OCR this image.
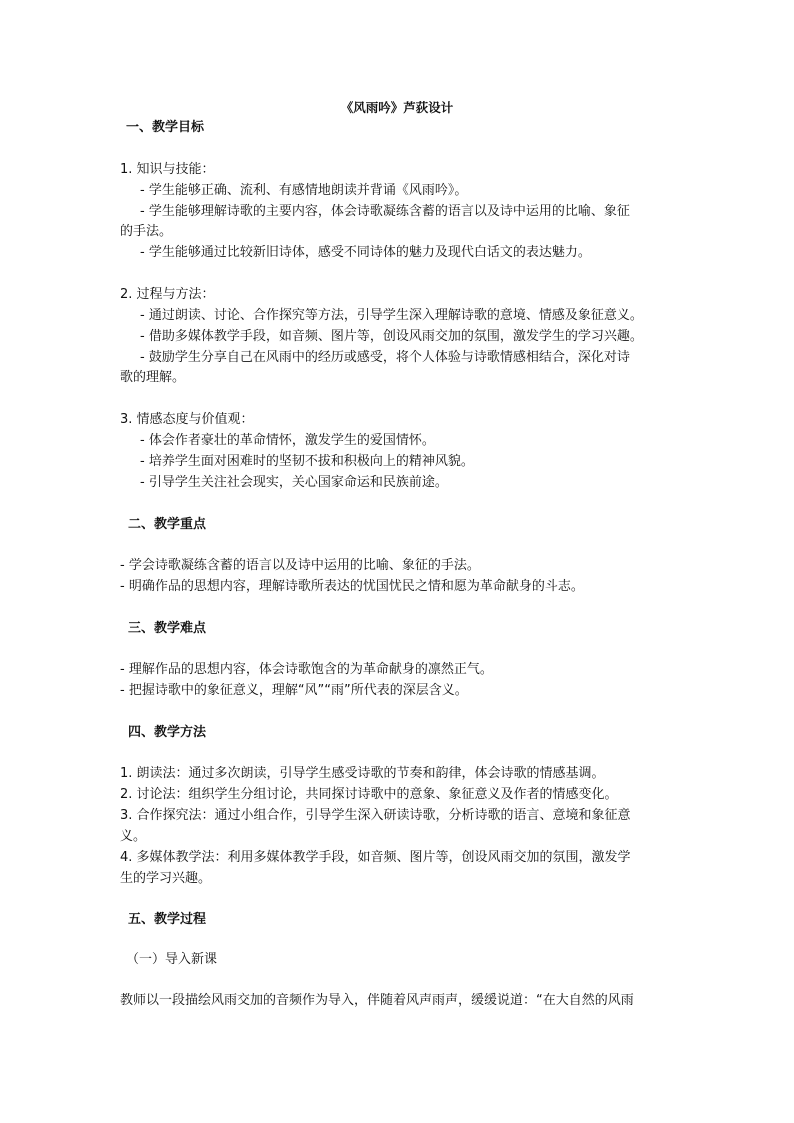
《风雨吟》芦荻设计
一、教学目标
1. 知识与技能：
- 学生能够正确、流利、有感情地朗读并背诵《风雨吟》。
- 学生能够理解诗歌的主要内容，体会诗歌凝练含蓄的语言以及诗中运用的比喻、象征
的手法。
- 学生能够通过比较新旧诗体，感受不同诗体的魅力及现代白话文的表达魅力。
2. 过程与方法：
- 通过朗读、讨论、合作探究等方法，引导学生深入理解诗歌的意境、情感及象征意义。
- 借助多媒体教学手段，如音频、图片等，创设风雨交加的氛围，激发学生的学习兴趣。
- 鼓励学生分享自己在风雨中的经历或感受，将个人体验与诗歌情感相结合，深化对诗
歌的理解。
3. 情感态度与价值观：
- 体会作者豪壮的革命情怀，激发学生的爱国情怀。
- 培养学生面对困难时的坚韧不拔和积极向上的精神风貌。
- 引导学生关注社会现实，关心国家命运和民族前途。
二、教学重点
- 学会诗歌凝练含蓄的语言以及诗中运用的比喻、象征的手法。
- 明确作品的思想内容，理解诗歌所表达的忧国忧民之情和愿为革命献身的斗志。
三、教学难点
- 理解作品的思想内容，体会诗歌饱含的为革命献身的凛然正气。
- 把握诗歌中的象征意义，理解“风”“雨”所代表的深层含义。
四、教学方法
1. 朗读法：通过多次朗读，引导学生感受诗歌的节奏和韵律，体会诗歌的情感基调。
2. 讨论法：组织学生分组讨论，共同探讨诗歌中的意象、象征意义及作者的情感变化。
3. 合作探究法：通过小组合作，引导学生深入研读诗歌，分析诗歌的语言、意境和象征意
义。
4. 多媒体教学法：利用多媒体教学手段，如音频、图片等，创设风雨交加的氛围，激发学
生的学习兴趣。
五、教学过程
（一）导入新课
教师以一段描绘风雨交加的音频作为导入，伴随着风声雨声，缓缓说道：“在大自然的风雨
